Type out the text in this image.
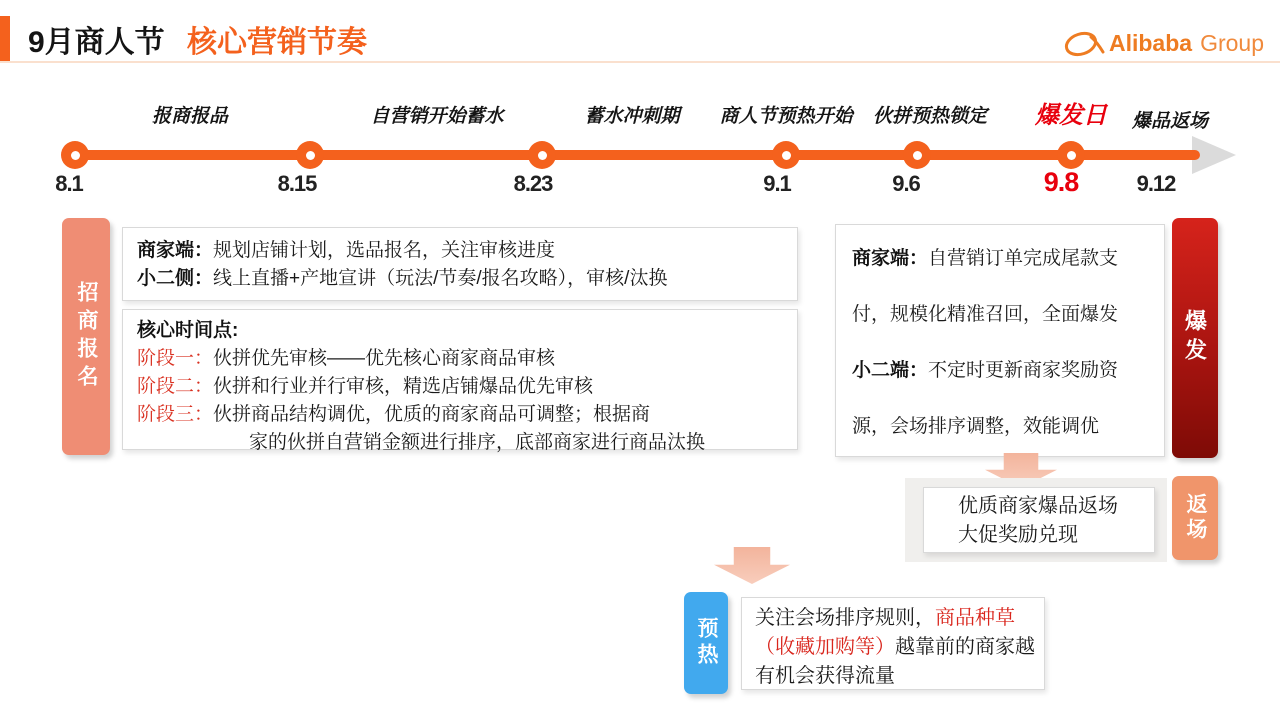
9月商人节 核心营销节奏	Alibaba Group
报商报品	自营销开始蓄水	蓄水冲刺期 商人节预热开始 伙拼预热锁定 爆发日 爆品返场
8.1	8.15	8.23	9.1	9.6	9.8	9.12
招商报名
商家端：规划店铺计划，选品报名，关注审核进度
小二侧：线上直播+产地宣讲（玩法/节奏/报名攻略），审核/汰换
核心时间点:
阶段一： 伙拼优先审核——优先核心商家商品审核
阶段二： 伙拼和行业并行审核，精选店铺爆品优先审核
阶段三： 伙拼商品结构调优，优质的商家商品可调整；根据商
家的伙拼自营销金额进行排序，底部商家进行商品汰换

商家端：自营销订单完成尾款支付，规模化精准召回，全面爆发

小二端：不定时更新商家奖励资源，会场排序调整，效能调优

爆发
优质商家爆品返场
大促奖励兑现	返场
预热	关注会场排序规则，商品种草（收藏加购等）越靠前的商家越有机会获得流量
